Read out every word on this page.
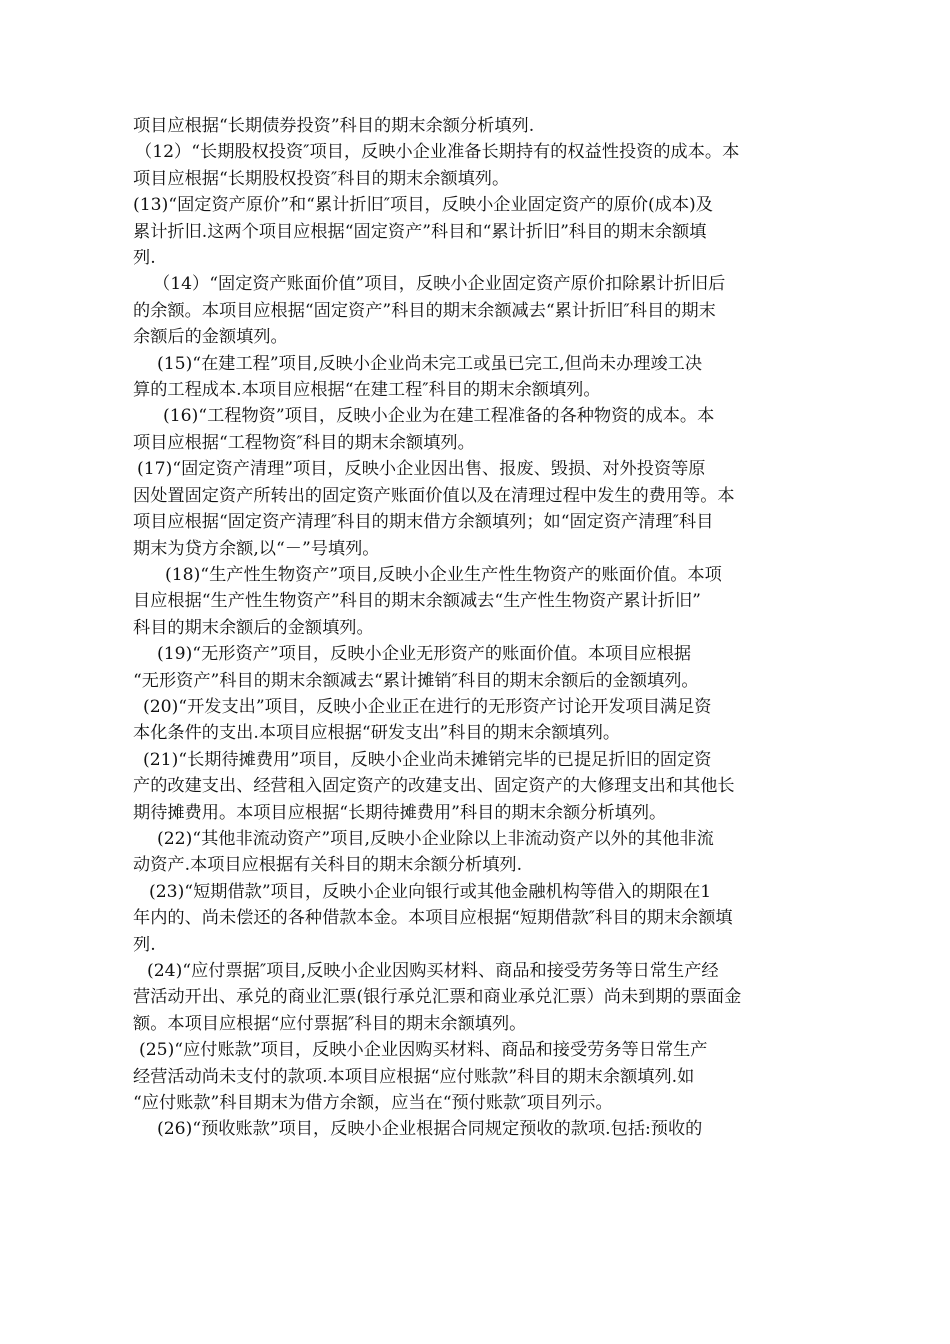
项目应根据“长期债券投资”科目的期末余额分析填列.

（12）“长期股权投资″项目，反映小企业准备长期持有的权益性投资的成本。本
项目应根据“长期股权投资″科目的期末余额填列。

(13)“固定资产原价”和“累计折旧″项目，反映小企业固定资产的原价(成本)及
累计折旧.这两个项目应根据“固定资产”科目和“累计折旧”科目的期末余额填
列.

（14）“固定资产账面价值”项目，反映小企业固定资产原价扣除累计折旧后
的余额。本项目应根据“固定资产”科目的期末余额减去“累计折旧″科目的期末
余额后的金额填列。

(15)“在建工程”项目,反映小企业尚未完工或虽已完工,但尚未办理竣工决
算的工程成本.本项目应根据“在建工程″科目的期末余额填列。

(16)“工程物资”项目，反映小企业为在建工程准备的各种物资的成本。本
项目应根据“工程物资″科目的期末余额填列。

(17)“固定资产清理”项目，反映小企业因出售、报废、毁损、对外投资等原
因处置固定资产所转出的固定资产账面价值以及在清理过程中发生的费用等。本
项目应根据“固定资产清理″科目的期末借方余额填列；如“固定资产清理″科目
期末为贷方余额,以“－”号填列。

(18)“生产性生物资产”项目,反映小企业生产性生物资产的账面价值。本项
目应根据“生产性生物资产”科目的期末余额减去“生产性生物资产累计折旧”
科目的期末余额后的金额填列。

(19)“无形资产”项目，反映小企业无形资产的账面价值。本项目应根据
“无形资产”科目的期末余额减去“累计摊销″科目的期末余额后的金额填列。

(20)“开发支出”项目，反映小企业正在进行的无形资产讨论开发项目满足资
本化条件的支出.本项目应根据“研发支出”科目的期末余额填列。

(21)“长期待摊费用”项目，反映小企业尚未摊销完毕的已提足折旧的固定资
产的改建支出、经营租入固定资产的改建支出、固定资产的大修理支出和其他长
期待摊费用。本项目应根据“长期待摊费用”科目的期末余额分析填列。

(22)“其他非流动资产”项目,反映小企业除以上非流动资产以外的其他非流
动资产.本项目应根据有关科目的期末余额分析填列.

(23)“短期借款”项目，反映小企业向银行或其他金融机构等借入的期限在1
年内的、尚未偿还的各种借款本金。本项目应根据“短期借款″科目的期末余额填
列.

(24)“应付票据″项目,反映小企业因购买材料、商品和接受劳务等日常生产经
营活动开出、承兑的商业汇票(银行承兑汇票和商业承兑汇票）尚未到期的票面金
额。本项目应根据“应付票据″科目的期末余额填列。

(25)“应付账款”项目，反映小企业因购买材料、商品和接受劳务等日常生产
经营活动尚未支付的款项.本项目应根据“应付账款”科目的期末余额填列.如
“应付账款”科目期末为借方余额，应当在“预付账款″项目列示。

(26)“预收账款”项目，反映小企业根据合同规定预收的款项.包括:预收的
